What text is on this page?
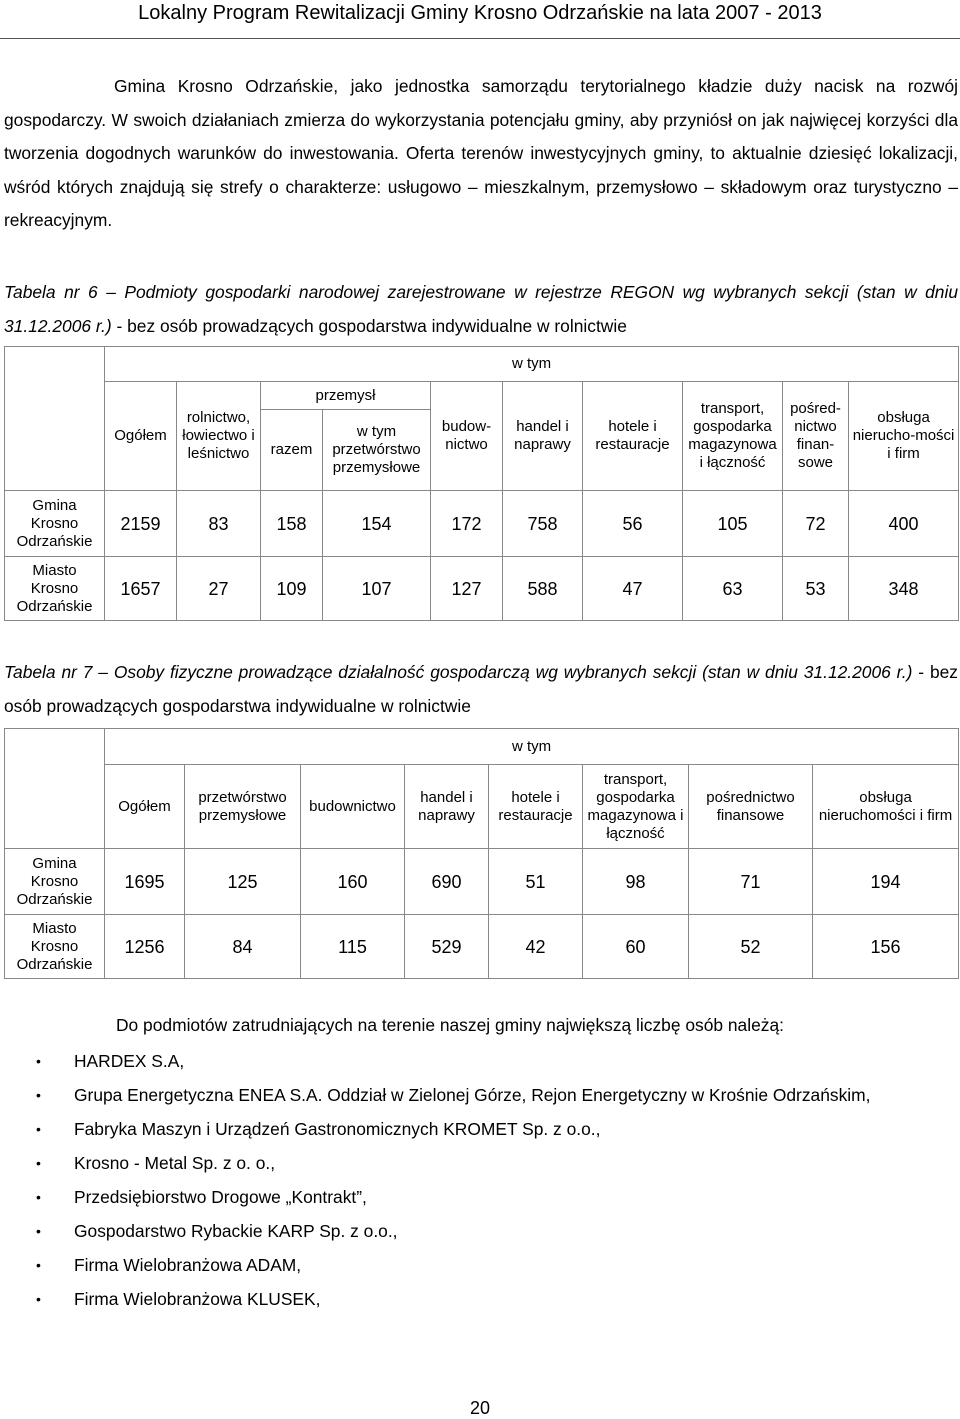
Lokalny Program Rewitalizacji Gminy Krosno Odrzańskie na lata 2007 - 2013

Gmina Krosno Odrzańskie, jako jednostka samorządu terytorialnego kładzie duży nacisk na rozwój gospodarczy. W swoich działaniach zmierza do wykorzystania potencjału gminy, aby przyniósł on jak najwięcej korzyści dla tworzenia dogodnych warunków do inwestowania. Oferta terenów inwestycyjnych gminy, to aktualnie dziesięć lokalizacji, wśród których znajdują się strefy o charakterze: usługowo – mieszkalnym, przemysłowo – składowym oraz turystyczno – rekreacyjnym.

Tabela nr 6 – Podmioty gospodarki narodowej zarejestrowane w rejestrze REGON wg wybranych sekcji (stan w dniu 31.12.2006 r.) - bez osób prowadzących gospodarstwa indywidualne w rolnictwie

	w tym									
	Ogółem	rolnictwo, łowiectwo i leśnictwo	przemysł		budow-nictwo	handel i naprawy	hotele i restauracje	transport, gospodarka magazynowa i łączność	pośred-nictwo finan-sowe	obsługa nierucho-mości i firm
			razem	w tym przetwórstwo przemysłowe						
Gmina Krosno Odrzańskie	2159	83	158	154	172	758	56	105	72	400
Miasto Krosno Odrzańskie	1657	27	109	107	127	588	47	63	53	348

Tabela nr 7 – Osoby fizyczne prowadzące działalność gospodarczą wg wybranych sekcji (stan w dniu 31.12.2006 r.) - bez osób prowadzących gospodarstwa indywidualne w rolnictwie

	w tym							
	Ogółem	przetwórstwo przemysłowe	budownictwo	handel i naprawy	hotele i restauracje	transport, gospodarka magazynowa i łączność	pośrednictwo finansowe	obsługa nieruchomości i firm
Gmina Krosno Odrzańskie	1695	125	160	690	51	98	71	194
Miasto Krosno Odrzańskie	1256	84	115	529	42	60	52	156

Do podmiotów zatrudniających na terenie naszej gminy największą liczbę osób należą:

• HARDEX S.A,
• Grupa Energetyczna ENEA S.A. Oddział w Zielonej Górze, Rejon Energetyczny w Krośnie Odrzańskim,
• Fabryka Maszyn i Urządzeń Gastronomicznych KROMET Sp. z o.o.,
• Krosno - Metal Sp. z o. o.,
• Przedsiębiorstwo Drogowe „Kontrakt”,
• Gospodarstwo Rybackie KARP Sp. z o.o.,
• Firma Wielobranżowa ADAM,
• Firma Wielobranżowa KLUSEK,
20
